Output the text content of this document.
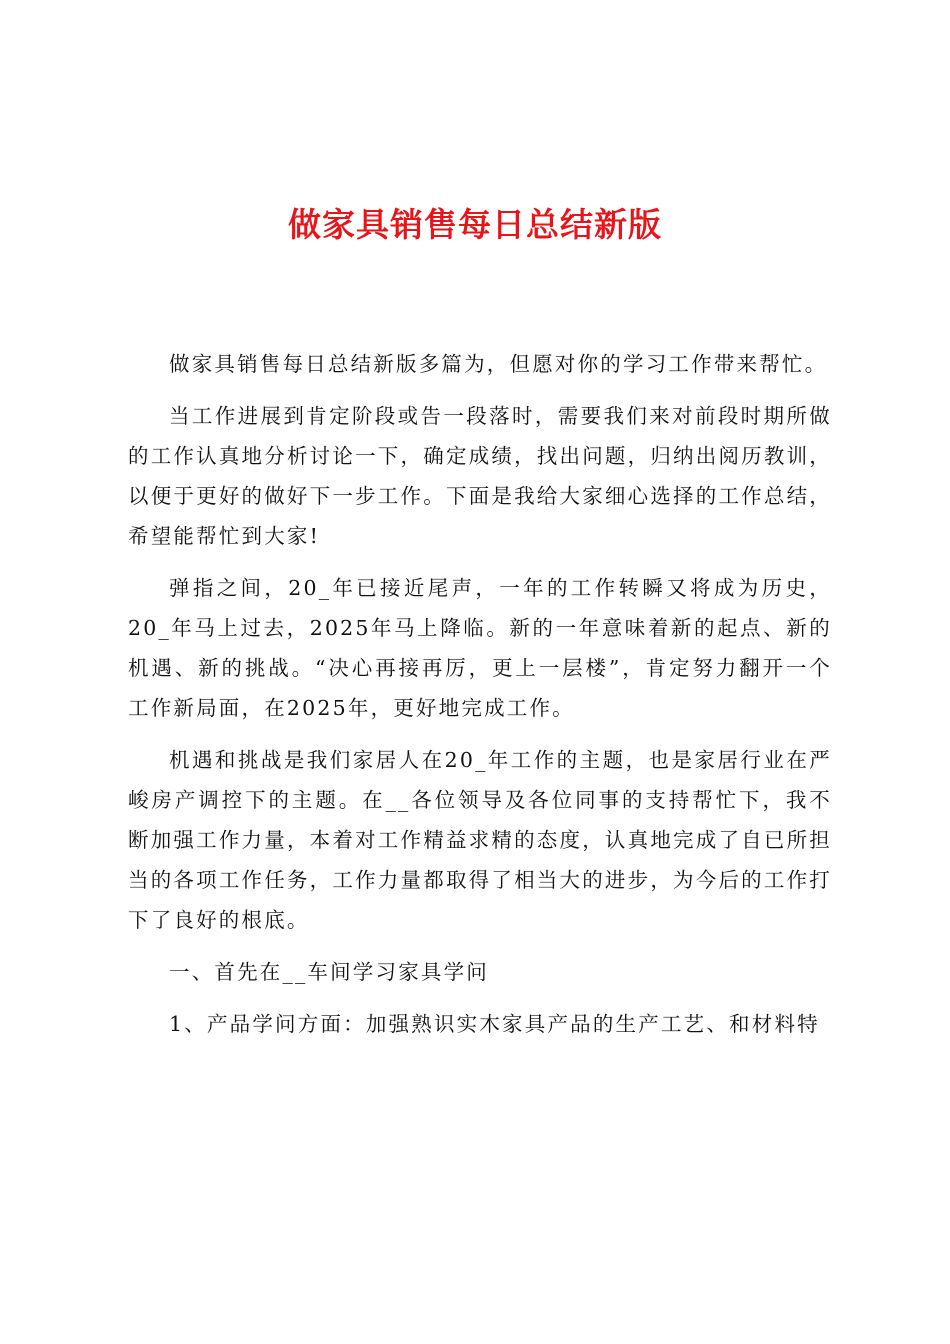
做家具销售每日总结新版

做家具销售每日总结新版多篇为，但愿对你的学习工作带来帮忙。

当工作进展到肯定阶段或告一段落时，需要我们来对前段时期所做的工作认真地分析讨论一下，确定成绩，找出问题，归纳出阅历教训，以便于更好的做好下一步工作。下面是我给大家细心选择的工作总结，希望能帮忙到大家!

弹指之间，20_年已接近尾声，一年的工作转瞬又将成为历史，20_年马上过去，2025年马上降临。新的一年意味着新的起点、新的机遇、新的挑战。“决心再接再厉，更上一层楼”，肯定努力翻开一个工作新局面，在2025年，更好地完成工作。

机遇和挑战是我们家居人在20_年工作的主题，也是家居行业在严峻房产调控下的主题。在__各位领导及各位同事的支持帮忙下，我不断加强工作力量，本着对工作精益求精的态度，认真地完成了自已所担当的各项工作任务，工作力量都取得了相当大的进步，为今后的工作打下了良好的根底。

一、首先在__车间学习家具学问

1、产品学问方面：加强熟识实木家具产品的生产工艺、和材料特
